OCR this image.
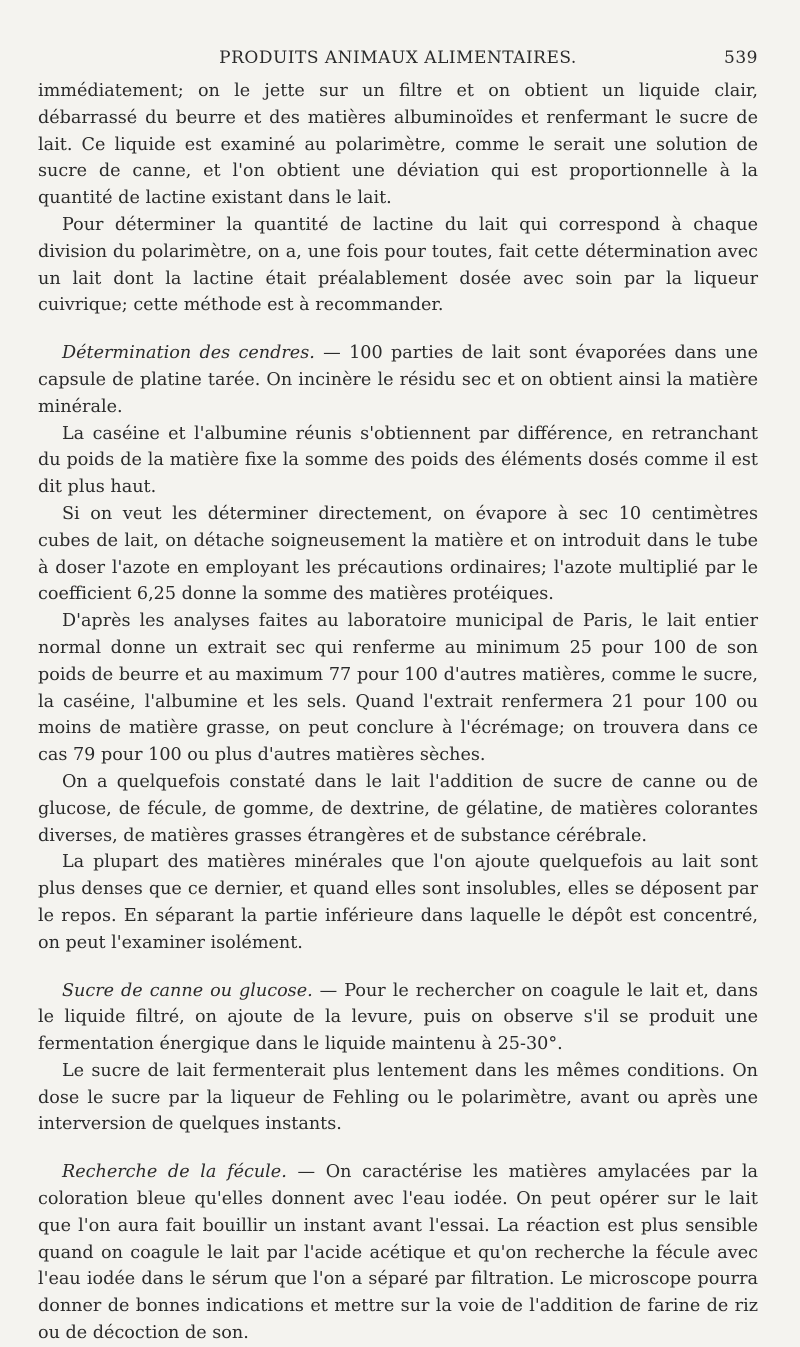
PRODUITS ANIMAUX ALIMENTAIRES.	539

immédiatement; on le jette sur un filtre et on obtient un liquide clair, débarrassé du beurre et des matières albuminoïdes et renfermant le sucre de lait. Ce liquide est examiné au polarimètre, comme le serait une solution de sucre de canne, et l'on obtient une déviation qui est proportionnelle à la quantité de lactine existant dans le lait.

Pour déterminer la quantité de lactine du lait qui correspond à chaque division du polarimètre, on a, une fois pour toutes, fait cette détermination avec un lait dont la lactine était préalablement dosée avec soin par la liqueur cuivrique; cette méthode est à recommander.

Détermination des cendres. — 100 parties de lait sont évaporées dans une capsule de platine tarée. On incinère le résidu sec et on obtient ainsi la matière minérale.

La caséine et l'albumine réunis s'obtiennent par différence, en retranchant du poids de la matière fixe la somme des poids des éléments dosés comme il est dit plus haut.

Si on veut les déterminer directement, on évapore à sec 10 centimètres cubes de lait, on détache soigneusement la matière et on introduit dans le tube à doser l'azote en employant les précautions ordinaires; l'azote multiplié par le coefficient 6,25 donne la somme des matières protéiques.

D'après les analyses faites au laboratoire municipal de Paris, le lait entier normal donne un extrait sec qui renferme au minimum 25 pour 100 de son poids de beurre et au maximum 77 pour 100 d'autres matières, comme le sucre, la caséine, l'albumine et les sels. Quand l'extrait renfermera 21 pour 100 ou moins de matière grasse, on peut conclure à l'écrémage; on trouvera dans ce cas 79 pour 100 ou plus d'autres matières sèches.

On a quelquefois constaté dans le lait l'addition de sucre de canne ou de glucose, de fécule, de gomme, de dextrine, de gélatine, de matières colorantes diverses, de matières grasses étrangères et de substance cérébrale.

La plupart des matières minérales que l'on ajoute quelquefois au lait sont plus denses que ce dernier, et quand elles sont insolubles, elles se déposent par le repos. En séparant la partie inférieure dans laquelle le dépôt est concentré, on peut l'examiner isolément.

Sucre de canne ou glucose. — Pour le rechercher on coagule le lait et, dans le liquide filtré, on ajoute de la levure, puis on observe s'il se produit une fermentation énergique dans le liquide maintenu à 25-30°.

Le sucre de lait fermenterait plus lentement dans les mêmes conditions. On dose le sucre par la liqueur de Fehling ou le polarimètre, avant ou après une interversion de quelques instants.

Recherche de la fécule. — On caractérise les matières amylacées par la coloration bleue qu'elles donnent avec l'eau iodée. On peut opérer sur le lait que l'on aura fait bouillir un instant avant l'essai. La réaction est plus sensible quand on coagule le lait par l'acide acétique et qu'on recherche la fécule avec l'eau iodée dans le sérum que l'on a séparé par filtration. Le microscope pourra donner de bonnes indications et mettre sur la voie de l'addition de farine de riz ou de décoction de son.
